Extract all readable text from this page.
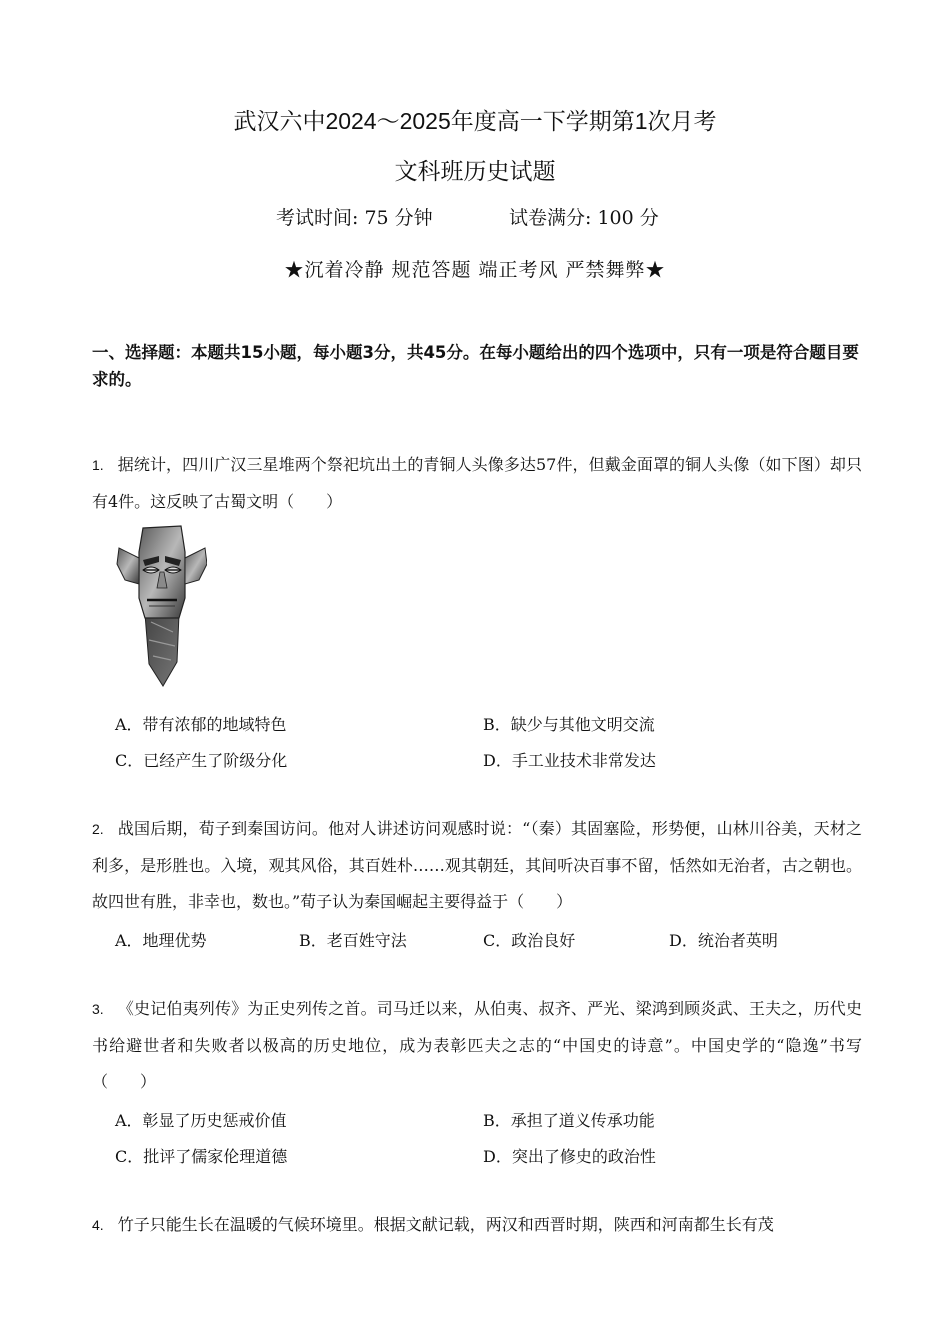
武汉六中2024～2025年度高一下学期第1次月考
文科班历史试题
考试时间: 75 分钟	试卷满分: 100 分
★沉着冷静 规范答题 端正考风 严禁舞弊★
一、选择题：本题共15小题，每小题3分，共45分。在每小题给出的四个选项中，只有一项是符合题目要求的。
1. 据统计，四川广汉三星堆两个祭祀坑出土的青铜人头像多达57件，但戴金面罩的铜人头像（如下图）却只有4件。这反映了古蜀文明（　　）
A．带有浓郁的地域特色	B．缺少与其他文明交流
C．已经产生了阶级分化	D．手工业技术非常发达
2. 战国后期，荀子到秦国访问。他对人讲述访问观感时说：“（秦）其固塞险，形势便，山林川谷美，天材之利多，是形胜也。入境，观其风俗，其百姓朴……观其朝廷，其间听决百事不留，恬然如无治者，古之朝也。故四世有胜，非幸也，数也。”荀子认为秦国崛起主要得益于（　　）
A．地理优势	B．老百姓守法	C．政治良好	D．统治者英明
3. 《史记伯夷列传》为正史列传之首。司马迁以来，从伯夷、叔齐、严光、梁鸿到顾炎武、王夫之，历代史书给避世者和失败者以极高的历史地位，成为表彰匹夫之志的“中国史的诗意”。中国史学的“隐逸”书写（　　）
A．彰显了历史惩戒价值	B．承担了道义传承功能
C．批评了儒家伦理道德	D．突出了修史的政治性
4. 竹子只能生长在温暖的气候环境里。根据文献记载，两汉和西晋时期，陕西和河南都生长有茂
